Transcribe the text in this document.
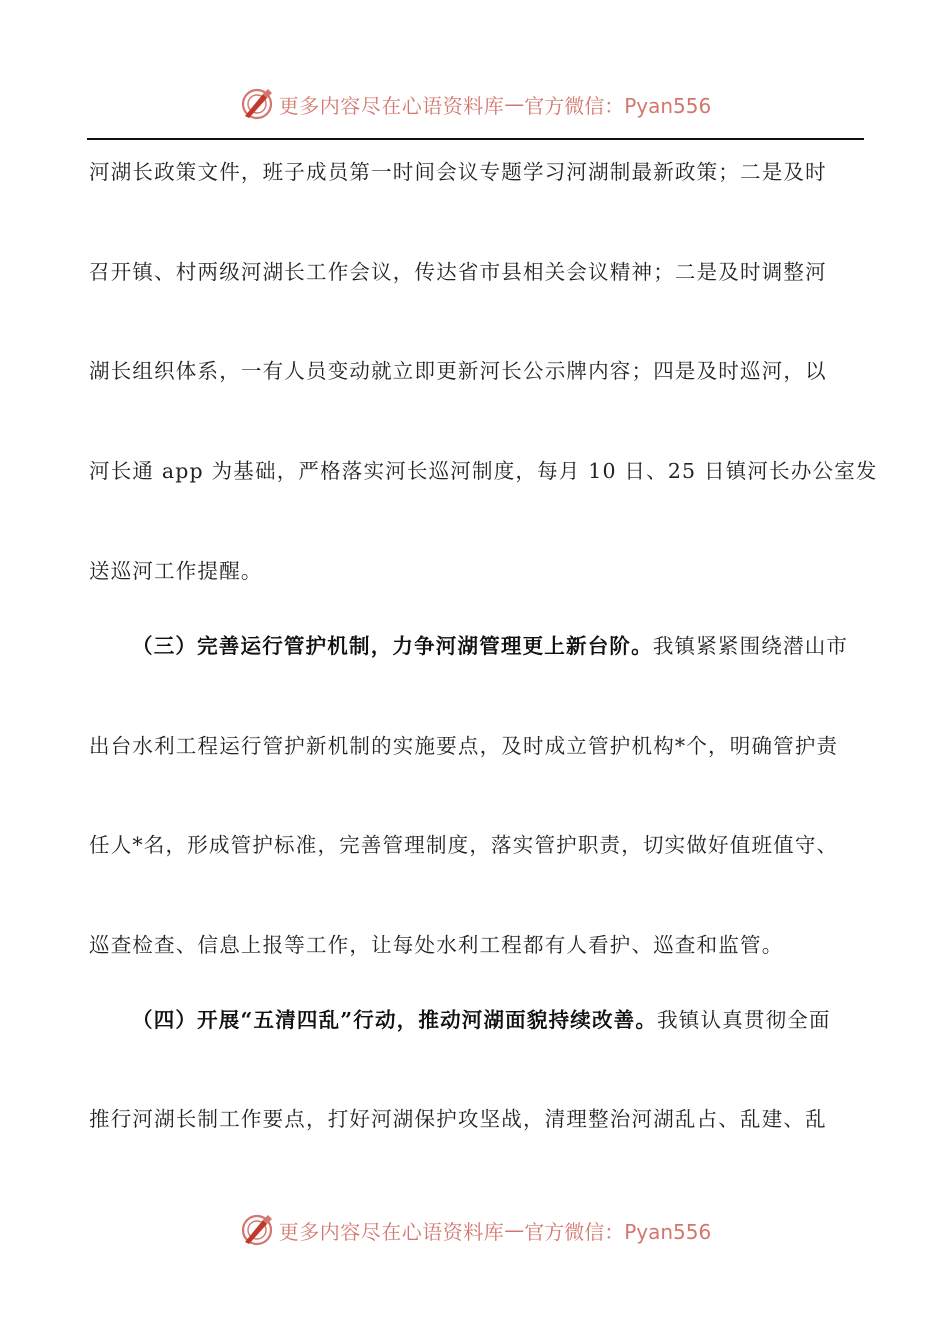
更多内容尽在心语资料库 — 官方微信：Pyan556
河湖长政策文件，班子成员第一时间会议专题学习河湖制最新政策；二是及时
召开镇、村两级河湖长工作会议，传达省市县相关会议精神；二是及时调整河
湖长组织体系，一有人员变动就立即更新河长公示牌内容；四是及时巡河，以
河长通 app 为基础，严格落实河长巡河制度，每月 10 日、25 日镇河长办公室发
送巡河工作提醒。
（三）完善运行管护机制，力争河湖管理更上新台阶。我镇紧紧围绕潜山市
出台水利工程运行管护新机制的实施要点，及时成立管护机构*个，明确管护责
任人*名，形成管护标准，完善管理制度，落实管护职责，切实做好值班值守、
巡查检查、信息上报等工作，让每处水利工程都有人看护、巡查和监管。
（四）开展“五清四乱”行动，推动河湖面貌持续改善。我镇认真贯彻全面
推行河湖长制工作要点，打好河湖保护攻坚战，清理整治河湖乱占、乱建、乱
更多内容尽在心语资料库 — 官方微信：Pyan556
